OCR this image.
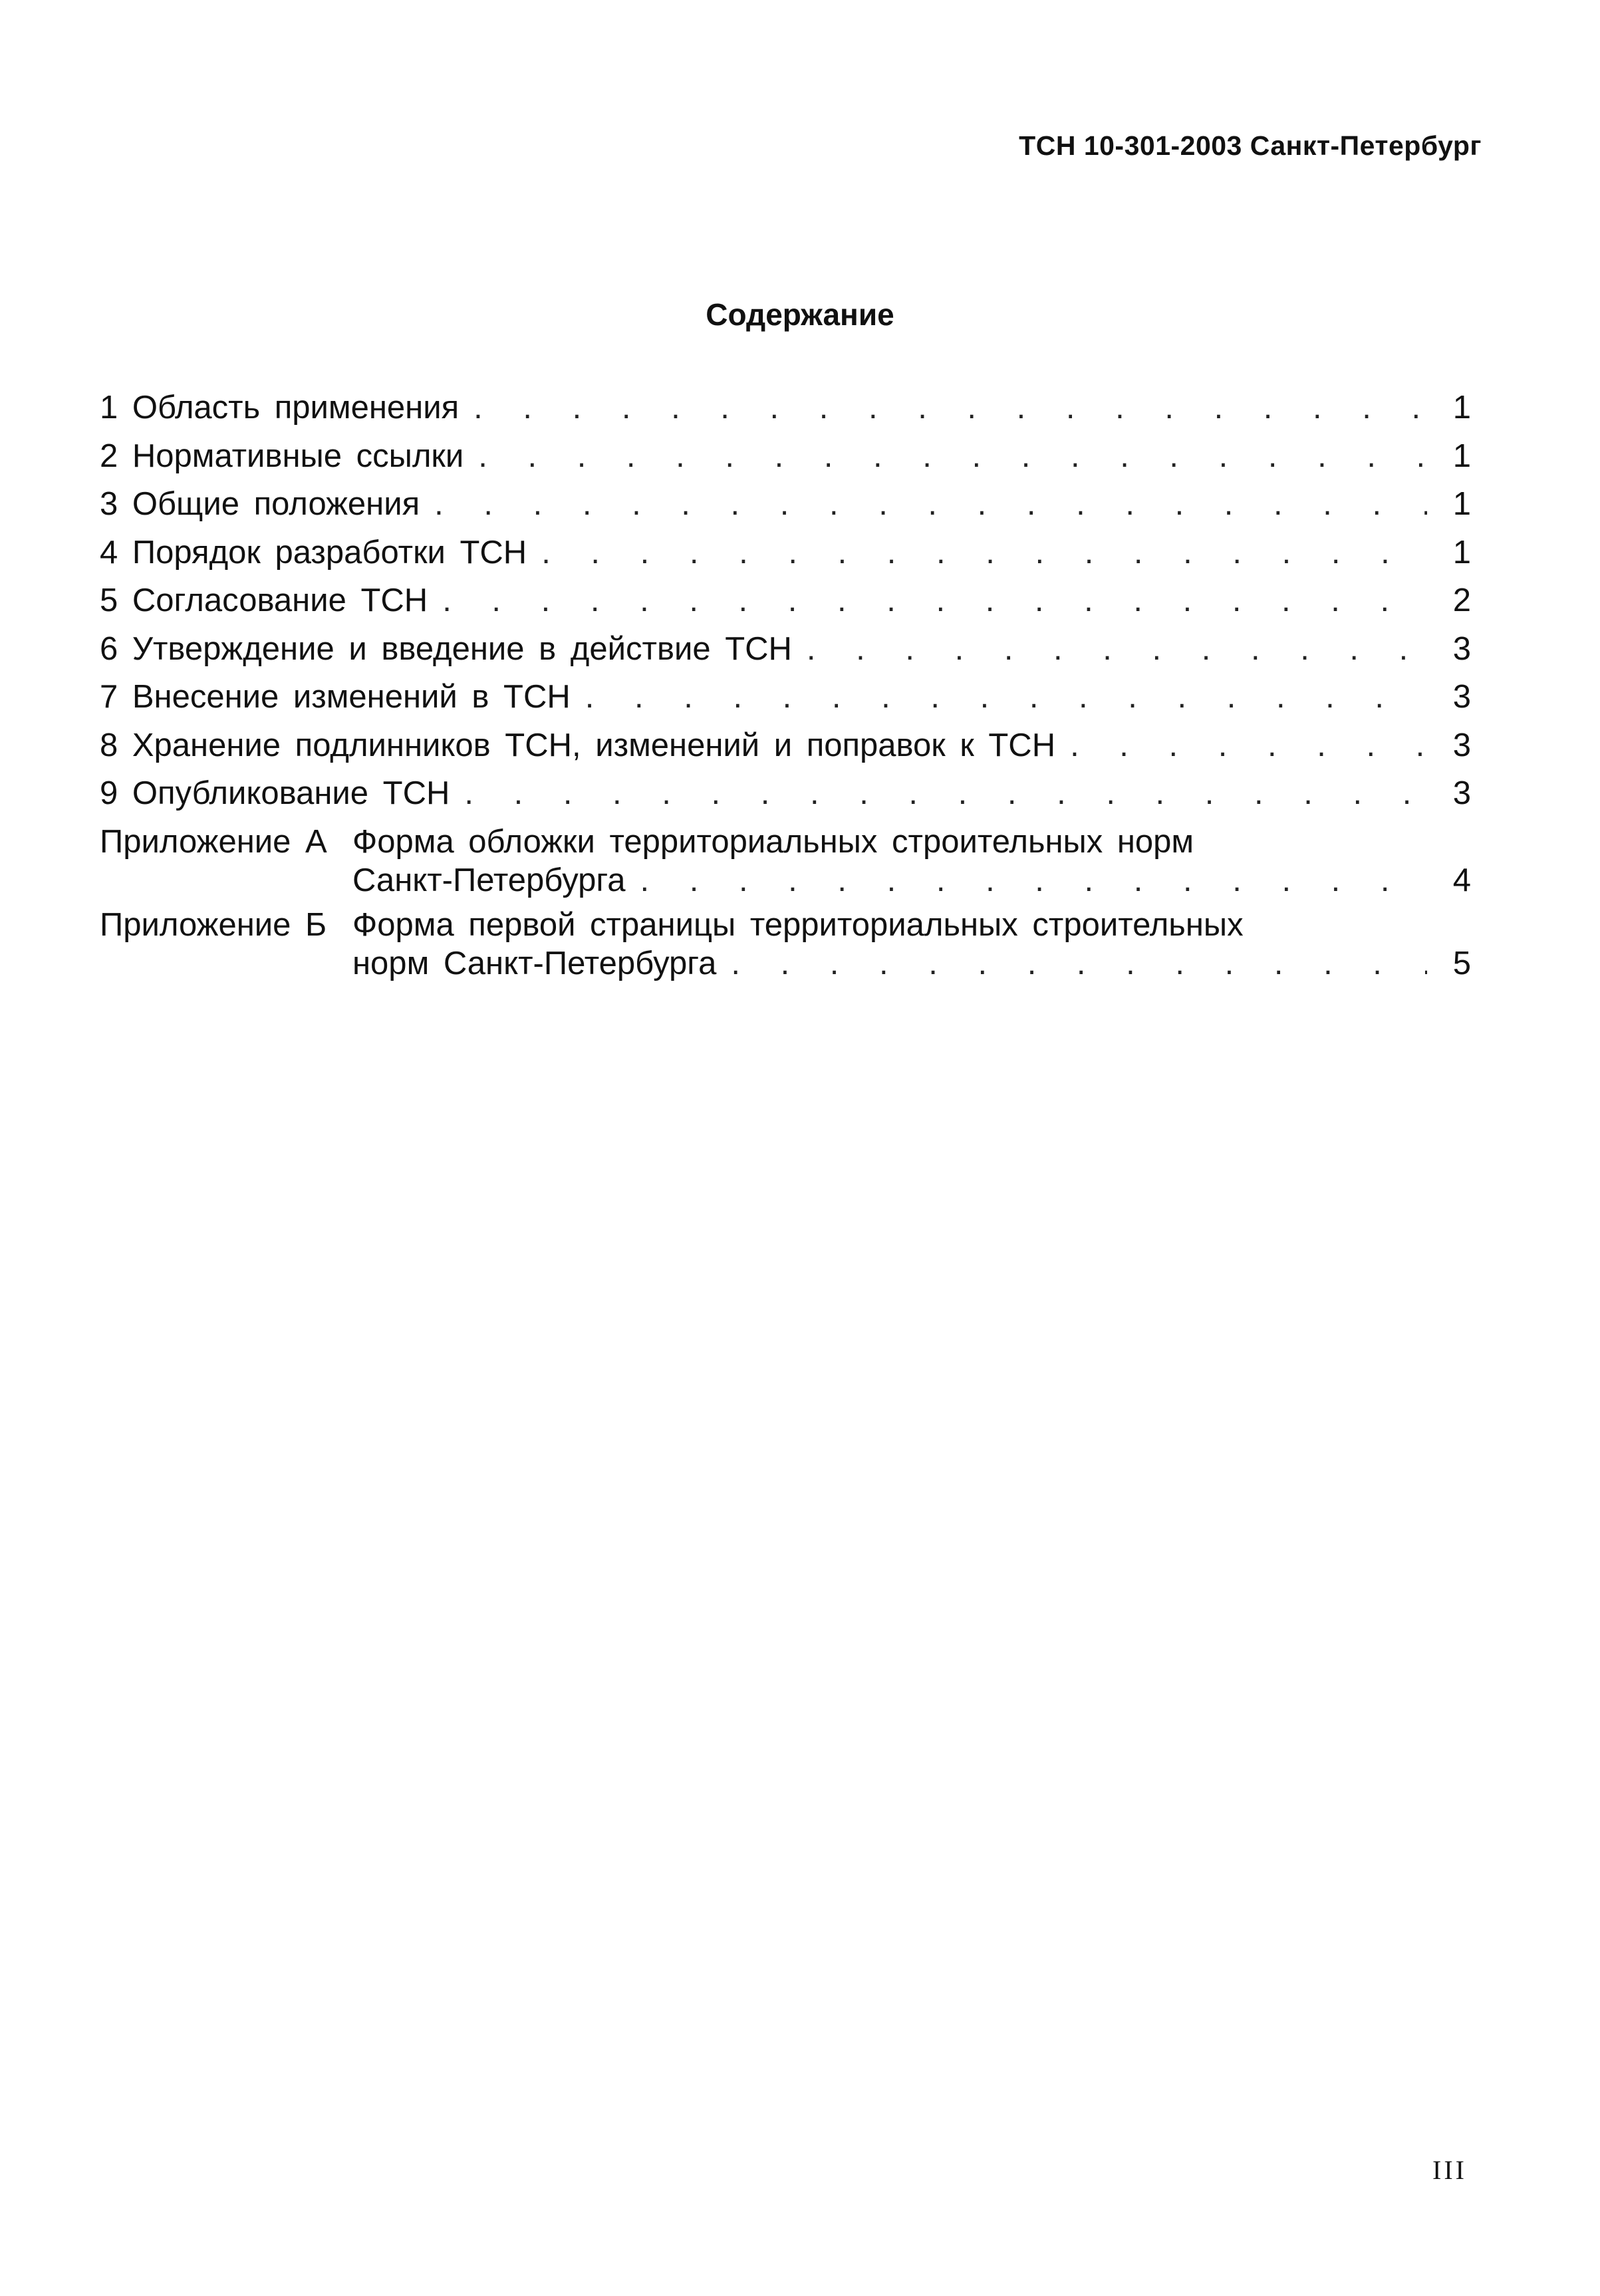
ТСН 10-301-2003 Санкт-Петербург
Содержание
1 Область применения . . .	1
2 Нормативные ссылки . . .	1
3 Общие положения . . .	1
4 Порядок разработки ТСН . . .	1
5 Согласование ТСН . . .	2
6 Утверждение и введение в действие ТСН . . .	3
7 Внесение изменений в ТСН . . .	3
8 Хранение подлинников ТСН, изменений и поправок к ТСН . . .	3
9 Опубликование ТСН . . .	3
Приложение А Форма обложки территориальных строительных норм
Санкт-Петербурга . . .	4
Приложение Б Форма первой страницы территориальных строительных
норм Санкт-Петербурга . . .	5
III
